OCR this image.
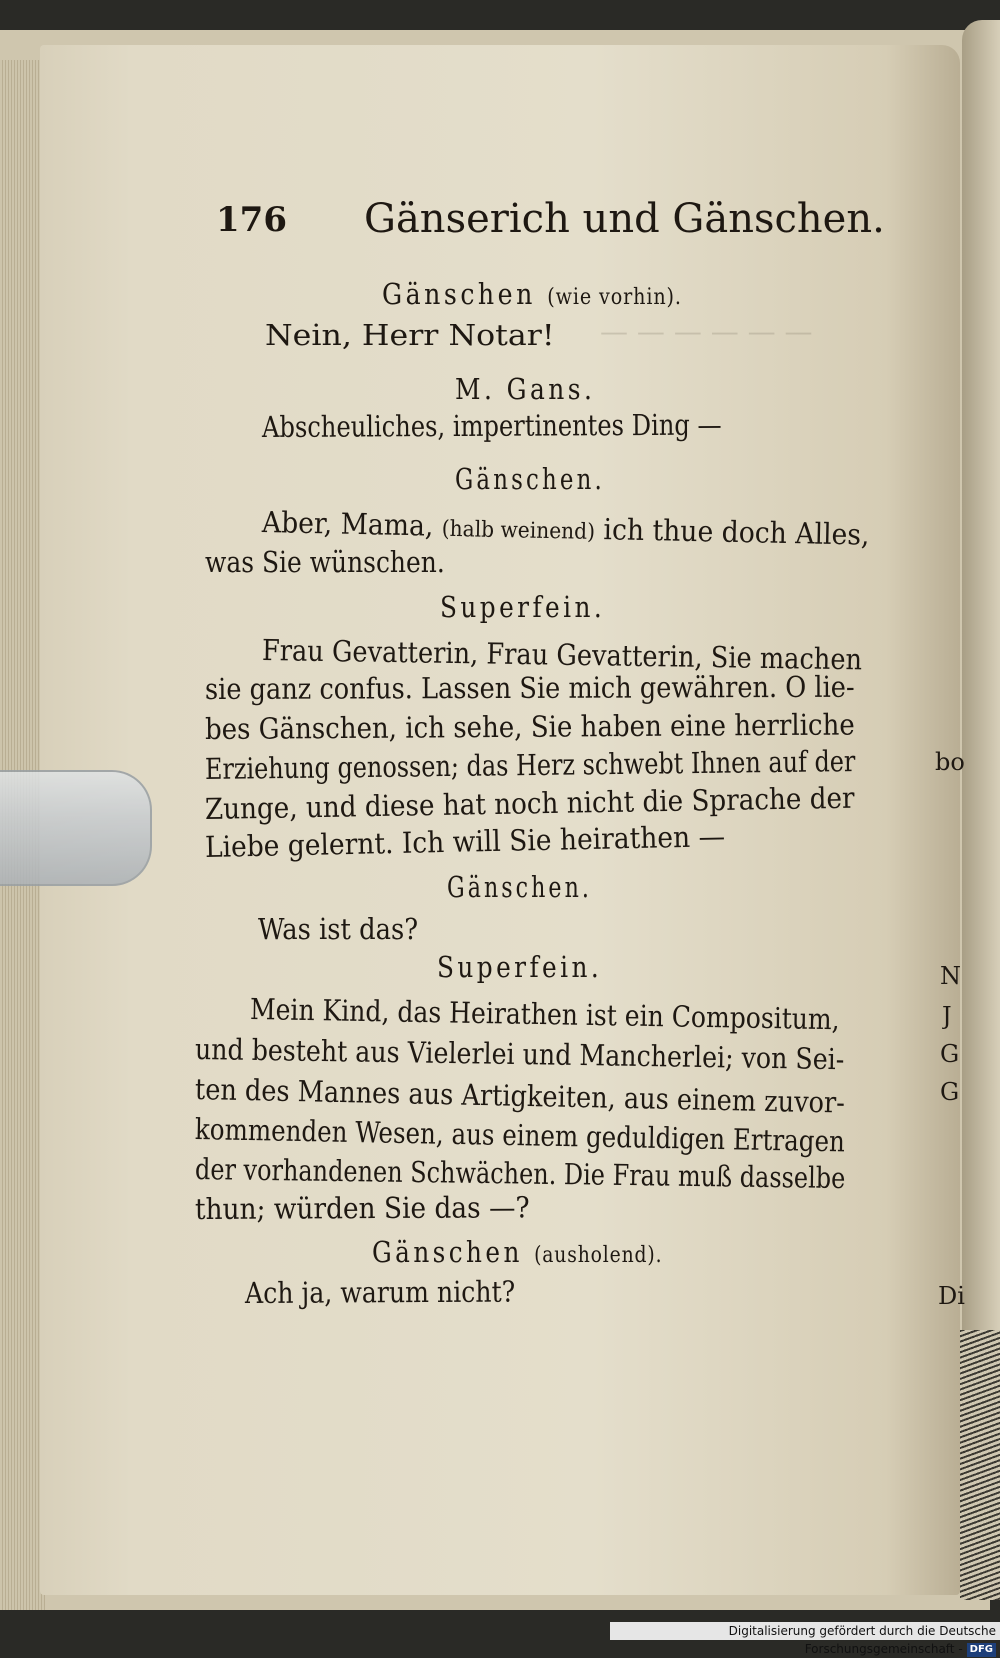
— — — — — —
176 Gänserich und Gänschen.
Gänschen (wie vorhin).
Nein, Herr Notar!
M. Gans.
Abscheuliches, impertinentes Ding —
Gänschen.
Aber, Mama, (halb weinend) ich thue doch Alles,
was Sie wünschen.
Superfein.
Frau Gevatterin, Frau Gevatterin, Sie machen
sie ganz confus. Lassen Sie mich gewähren. O lie-
bes Gänschen, ich sehe, Sie haben eine herrliche
Erziehung genossen; das Herz schwebt Ihnen auf der
Zunge, und diese hat noch nicht die Sprache der
Liebe gelernt. Ich will Sie heirathen —
Gänschen.
Was ist das?
Superfein.
Mein Kind, das Heirathen ist ein Compositum,
und besteht aus Vielerlei und Mancherlei; von Sei-
ten des Mannes aus Artigkeiten, aus einem zuvor-
kommenden Wesen, aus einem geduldigen Ertragen
der vorhandenen Schwächen. Die Frau muß dasselbe
thun; würden Sie das —?
Gänschen (ausholend).
Ach ja, warum nicht?
bo
N
J
G
G
Di
Digitalisierung gefördert durch die Deutsche Forschungsgemeinschaft - DFG
